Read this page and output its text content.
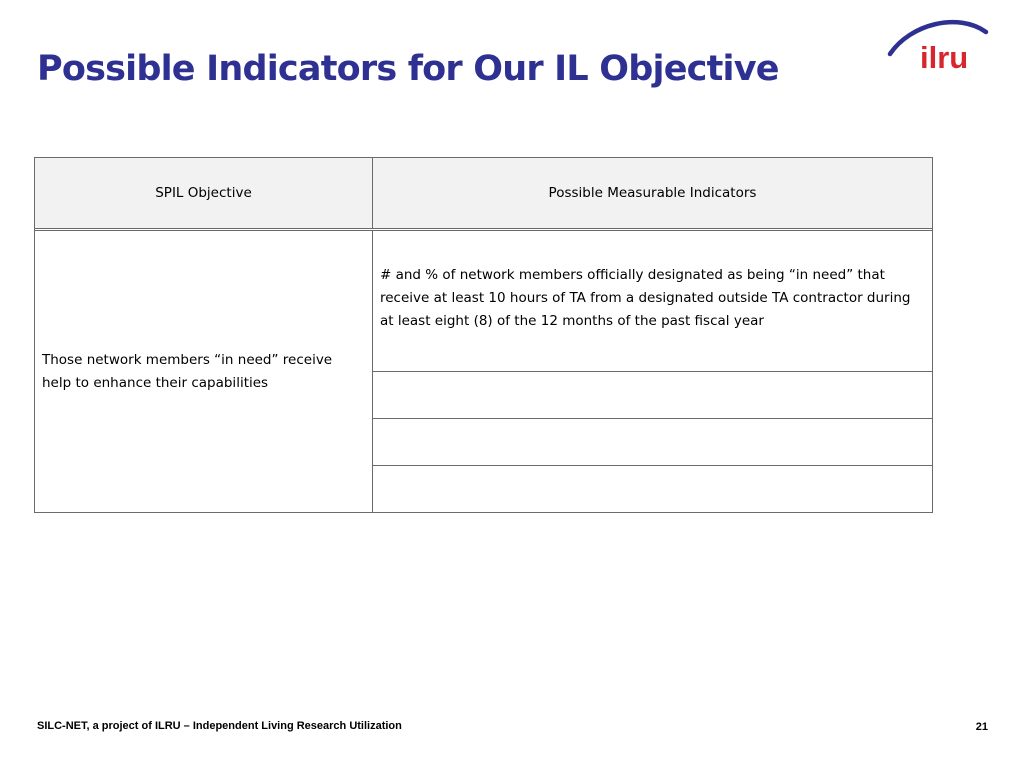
Possible Indicators for Our IL Objective	ilru
SPIL Objective	Possible Measurable Indicators

Those network members “in need” receive help to enhance their capabilities	# and % of network members officially designated as being “in need” that receive at least 10 hours of TA from a designated outside TA contractor during at least eight (8) of the 12 months of the past fiscal year

SILC-NET, a project of ILRU – Independent Living Research Utilization	21
